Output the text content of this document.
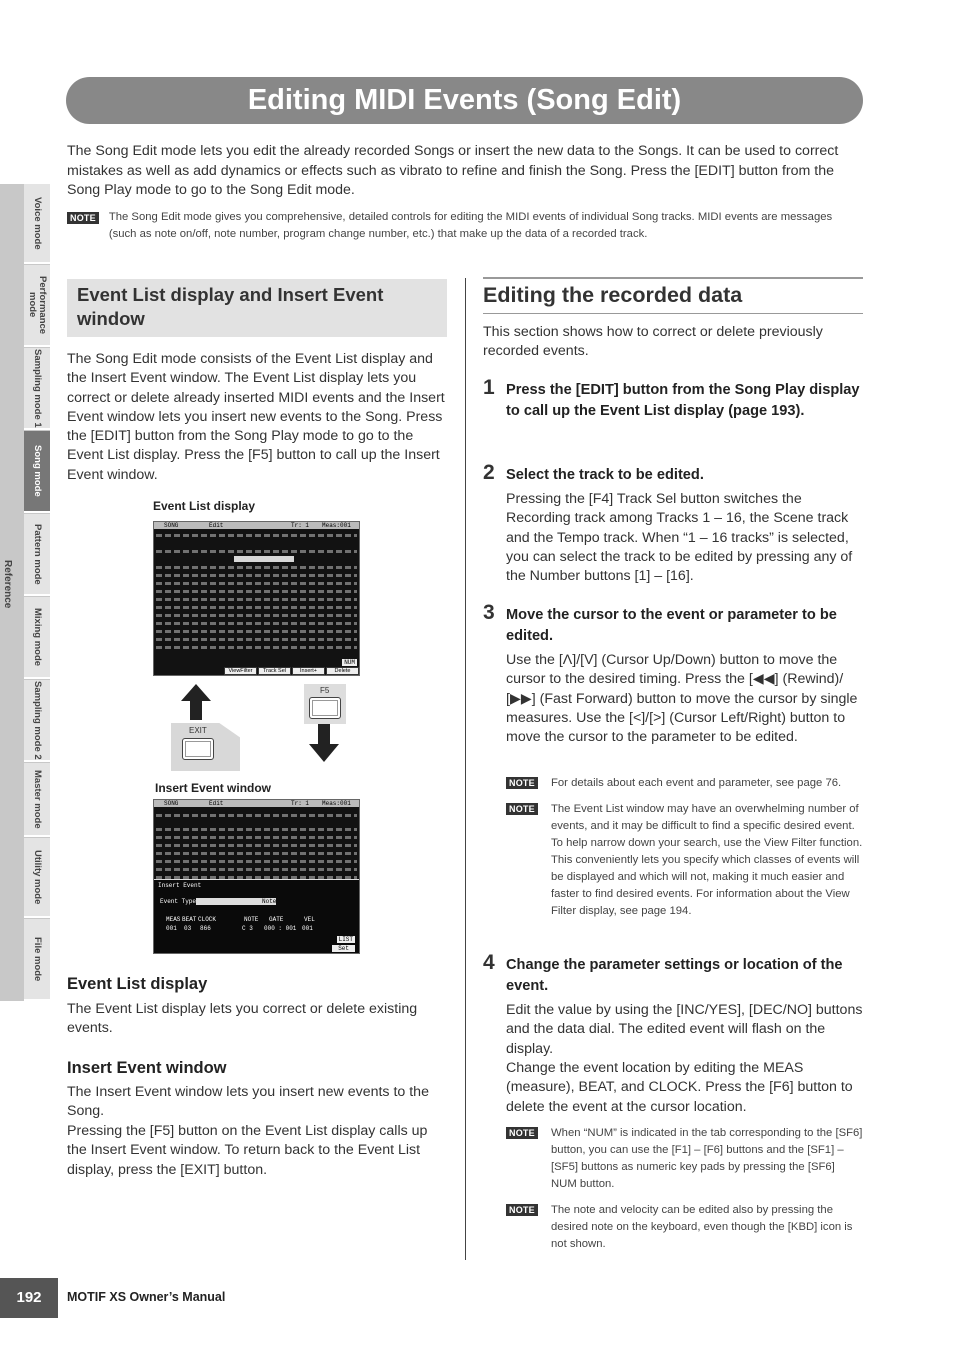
Editing MIDI Events (Song Edit)

The Song Edit mode lets you edit the already recorded Songs or insert the new data to the Songs. It can be used to correct mistakes as well as add dynamics or effects such as vibrato to refine and finish the Song. Press the [EDIT] button from the Song Play mode to go to the Song Edit mode.

NOTE The Song Edit mode gives you comprehensive, detailed controls for editing the MIDI events of individual Song tracks. MIDI events are messages (such as note on/off, note number, program change number, etc.) that make up the data of a recorded track.
Voice mode
Performance mode
Sampling mode 1
Song mode
Pattern mode
Mixing mode
Sampling mode 2
Master mode
Utility mode
File mode
Reference
Event List display and Insert Event window

The Song Edit mode consists of the Event List display and the Insert Event window. The Event List display lets you correct or delete already inserted MIDI events and the Insert Event window lets you insert new events to the Song. Press the [EDIT] button from the Song Play mode to go to the Event List display. Press the [F5] button to call up the Insert Event window.

Event List display
SONG	Edit	Tr: 1 Meas:001
NUM
ViewFilter	Track Sel	Insert+	Delete
EXIT
F5
Insert Event window
SONG	Edit	Tr: 1 Meas:001
Insert Event
Event Type	Note
MEAS BEAT CLOCK	NOTE GATE	VEL
001 03 866	C 3 000 : 001 001
LIST
Set
Event List display

The Event List display lets you correct or delete existing events.

Insert Event window

The Insert Event window lets you insert new events to the Song.

Pressing the [F5] button on the Event List display calls up the Insert Event window. To return back to the Event List display, press the [EXIT] button.

Editing the recorded data

This section shows how to correct or delete previously recorded events.

1 Press the [EDIT] button from the Song Play display to call up the Event List display (page 193).
2 Select the track to be edited.

Pressing the [F4] Track Sel button switches the Recording track among Tracks 1 – 16, the Scene track and the Tempo track. When “1 – 16 tracks” is selected, you can select the track to be edited by pressing any of the Number buttons [1] – [16].

3 Move the cursor to the event or parameter to be edited.

Use the [Λ]/[V] (Cursor Up/Down) button to move the cursor to the desired timing. Press the [◀◀] (Rewind)/ [▶▶] (Fast Forward) button to move the cursor by single measures. Use the [<]/[>] (Cursor Left/Right) button to move the cursor to the parameter to be edited.

NOTE For details about each event and parameter, see page 76.
NOTE The Event List window may have an overwhelming number of events, and it may be difficult to find a specific desired event. To help narrow down your search, use the View Filter function. This conveniently lets you specify which classes of events will be displayed and which will not, making it much easier and faster to find desired events. For information about the View Filter display, see page 194.
4 Change the parameter settings or location of the event.

Edit the value by using the [INC/YES], [DEC/NO] buttons and the data dial. The edited event will flash on the display.

Change the event location by editing the MEAS (measure), BEAT, and CLOCK. Press the [F6] button to delete the event at the cursor location.

NOTE When “NUM” is indicated in the tab corresponding to the [SF6] button, you can use the [F1] – [F6] buttons and the [SF1] – [SF5] buttons as numeric key pads by pressing the [SF6] NUM button.
NOTE The note and velocity can be edited also by pressing the desired note on the keyboard, even though the [KBD] icon is not shown.
192	MOTIF XS Owner’s Manual
